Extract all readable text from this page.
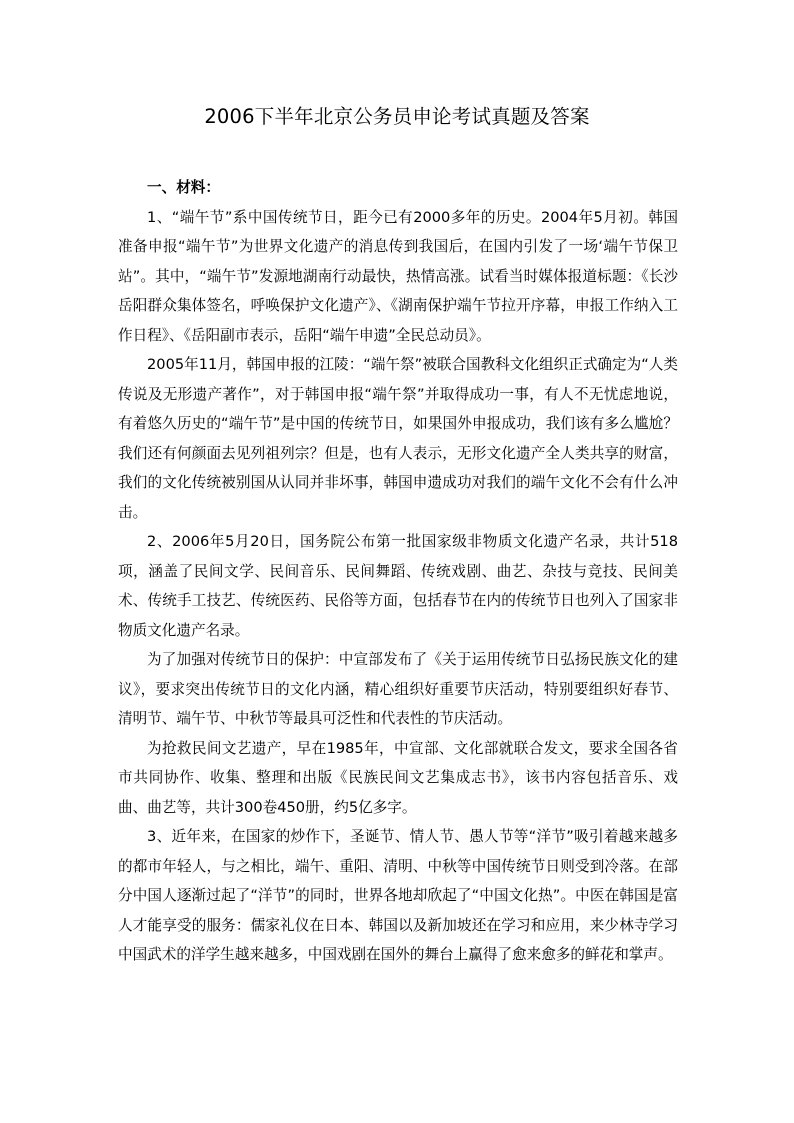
2006下半年北京公务员申论考试真题及答案

一、材料：

1、“端午节”系中国传统节日，距今已有2000多年的历史。2004年5月初。韩国准备申报“端午节”为世界文化遗产的消息传到我国后，在国内引发了一场‘端午节保卫站”。其中，“端午节”发源地湖南行动最快，热情高涨。试看当时媒体报道标题：《长沙岳阳群众集体签名，呼唤保护文化遗产》、《湖南保护端午节拉开序幕，申报工作纳入工作日程》、《岳阳副市表示，岳阳“端午申遗”全民总动员》。

2005年11月，韩国申报的江陵：“端午祭”被联合国教科文化组织正式确定为“人类传说及无形遗产著作”，对于韩国申报“端午祭”并取得成功一事，有人不无忧虑地说，有着悠久历史的“端午节”是中国的传统节日，如果国外申报成功，我们该有多么尴尬？我们还有何颜面去见列祖列宗？但是，也有人表示，无形文化遗产全人类共享的财富，我们的文化传统被别国从认同并非坏事，韩国申遗成功对我们的端午文化不会有什么冲击。

2、2006年5月20日，国务院公布第一批国家级非物质文化遗产名录，共计518项，涵盖了民间文学、民间音乐、民间舞蹈、传统戏剧、曲艺、杂技与竞技、民间美术、传统手工技艺、传统医药、民俗等方面，包括春节在内的传统节日也列入了国家非物质文化遗产名录。

为了加强对传统节日的保护：中宣部发布了《关于运用传统节日弘扬民族文化的建议》，要求突出传统节日的文化内涵，精心组织好重要节庆活动，特别要组织好春节、清明节、端午节、中秋节等最具可泛性和代表性的节庆活动。

为抢救民间文艺遗产，早在1985年，中宣部、文化部就联合发文，要求全国各省市共同协作、收集、整理和出版《民族民间文艺集成志书》，该书内容包括音乐、戏曲、曲艺等，共计300卷450册，约5亿多字。

3、近年来，在国家的炒作下，圣诞节、情人节、愚人节等“洋节”吸引着越来越多的都市年轻人，与之相比，端午、重阳、清明、中秋等中国传统节日则受到冷落。在部分中国人逐渐过起了“洋节”的同时，世界各地却欣起了“中国文化热”。中医在韩国是富人才能享受的服务：儒家礼仪在日本、韩国以及新加坡还在学习和应用，来少林寺学习中国武术的洋学生越来越多，中国戏剧在国外的舞台上赢得了愈来愈多的鲜花和掌声。
